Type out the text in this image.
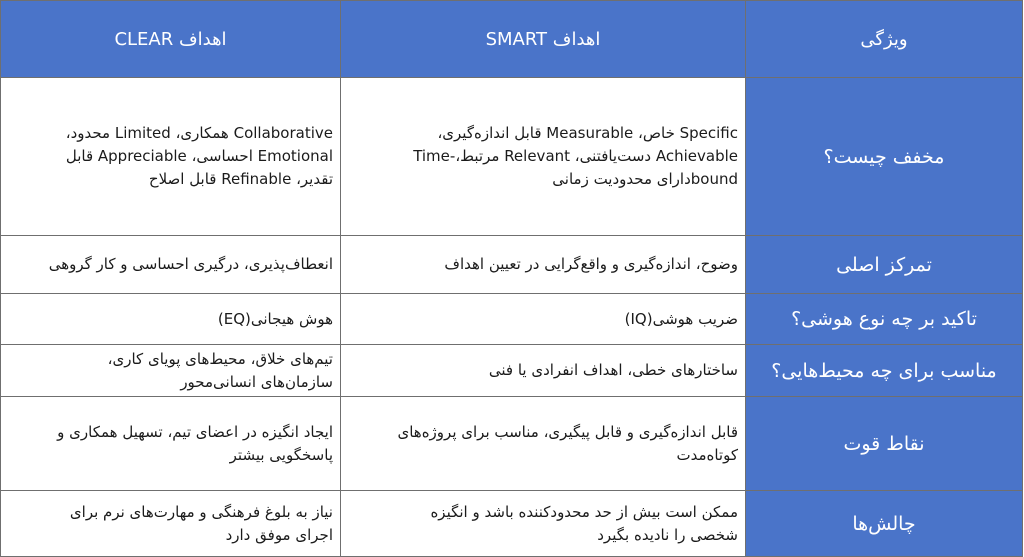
ویژگی	اهداف SMART	اهداف CLEAR
مخفف چیست؟	Specific خاص، Measurable قابل اندازه‌گیری،
Achievable دست‌یافتنی، Relevant مرتبط،-Time
boundدارای محدودیت زمانی	Collaborative همکاری، Limited محدود،
Emotional احساسی، Appreciable قابل
تقدیر، Refinable قابل اصلاح

تمرکز اصلی	وضوح، اندازه‌گیری و واقع‌گرایی در تعیین اهداف	انعطاف‌پذیری، درگیری احساسی و کار گروهی

تاکید بر چه نوع هوشی؟	ضریب هوشی(IQ)	هوش هیجانی(EQ)

مناسب برای چه محیط‌هایی؟	ساختارهای خطی، اهداف انفرادی یا فنی	تیم‌های خلاق، محیط‌های پویای کاری،
سازمان‌های انسانی‌محور

نقاط قوت	قابل اندازه‌گیری و قابل پیگیری، مناسب برای پروژه‌های
کوتاه‌مدت	ایجاد انگیزه در اعضای تیم، تسهیل همکاری و
پاسخگویی بیشتر

چالش‌ها	ممکن است بیش از حد محدودکننده باشد و انگیزه
شخصی را نادیده بگیرد	نیاز به بلوغ فرهنگی و مهارت‌های نرم برای
اجرای موفق دارد
